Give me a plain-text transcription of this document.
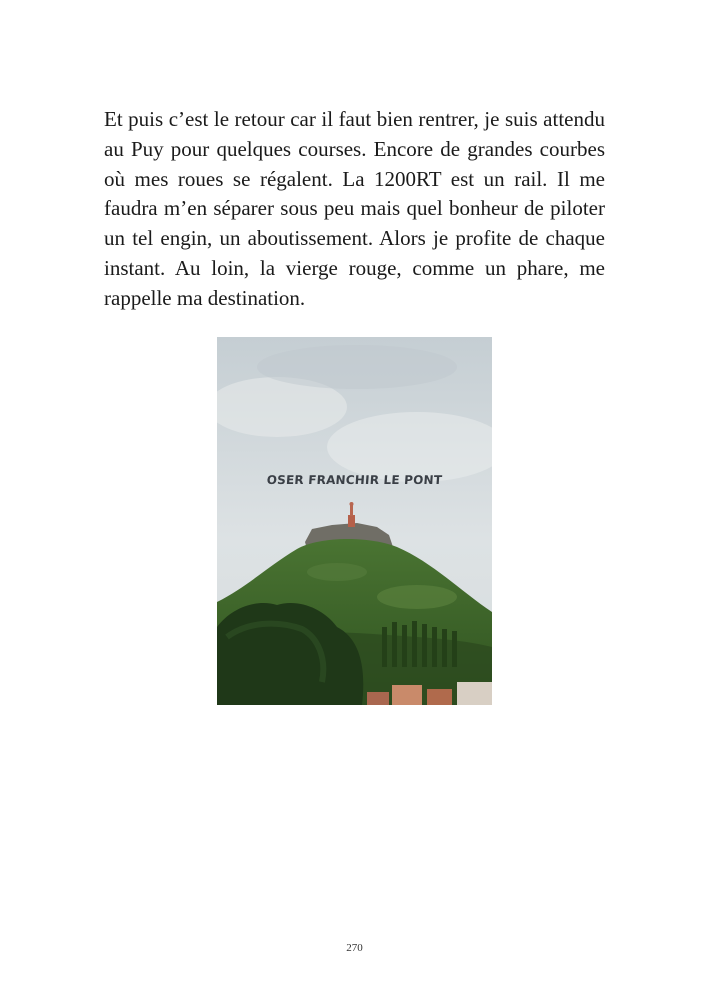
Et puis c’est le retour car il faut bien rentrer, je suis attendu au Puy pour quelques courses. Encore de grandes courbes où mes roues se régalent. La 1200RT est un rail. Il me faudra m’en séparer sous peu mais quel bonheur de piloter un tel engin, un aboutissement. Alors je profite de chaque instant. Au loin, la vierge rouge, comme un phare, me rappelle ma destination.

OSER FRANCHIR LE PONT
270
